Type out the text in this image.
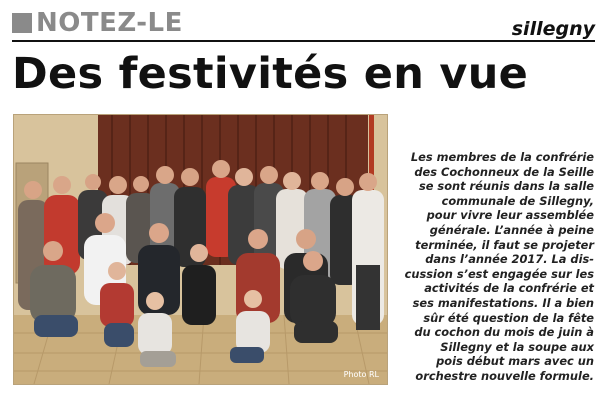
NOTEZ-LE	sillegny
Des festivités en vue
Photo RL
Les membres de la confrérie
des Cochonneux de la Seille
se sont réunis dans la salle
communale de Sillegny,
pour vivre leur assemblée
générale. L’année à peine
terminée, il faut se projeter
dans l’année 2017. La dis-
cussion s’est engagée sur les
activités de la confrérie et
ses manifestations. Il a bien
sûr été question de la fête
du cochon du mois de juin à
Sillegny et la soupe aux
pois début mars avec un
orchestre nouvelle formule.
